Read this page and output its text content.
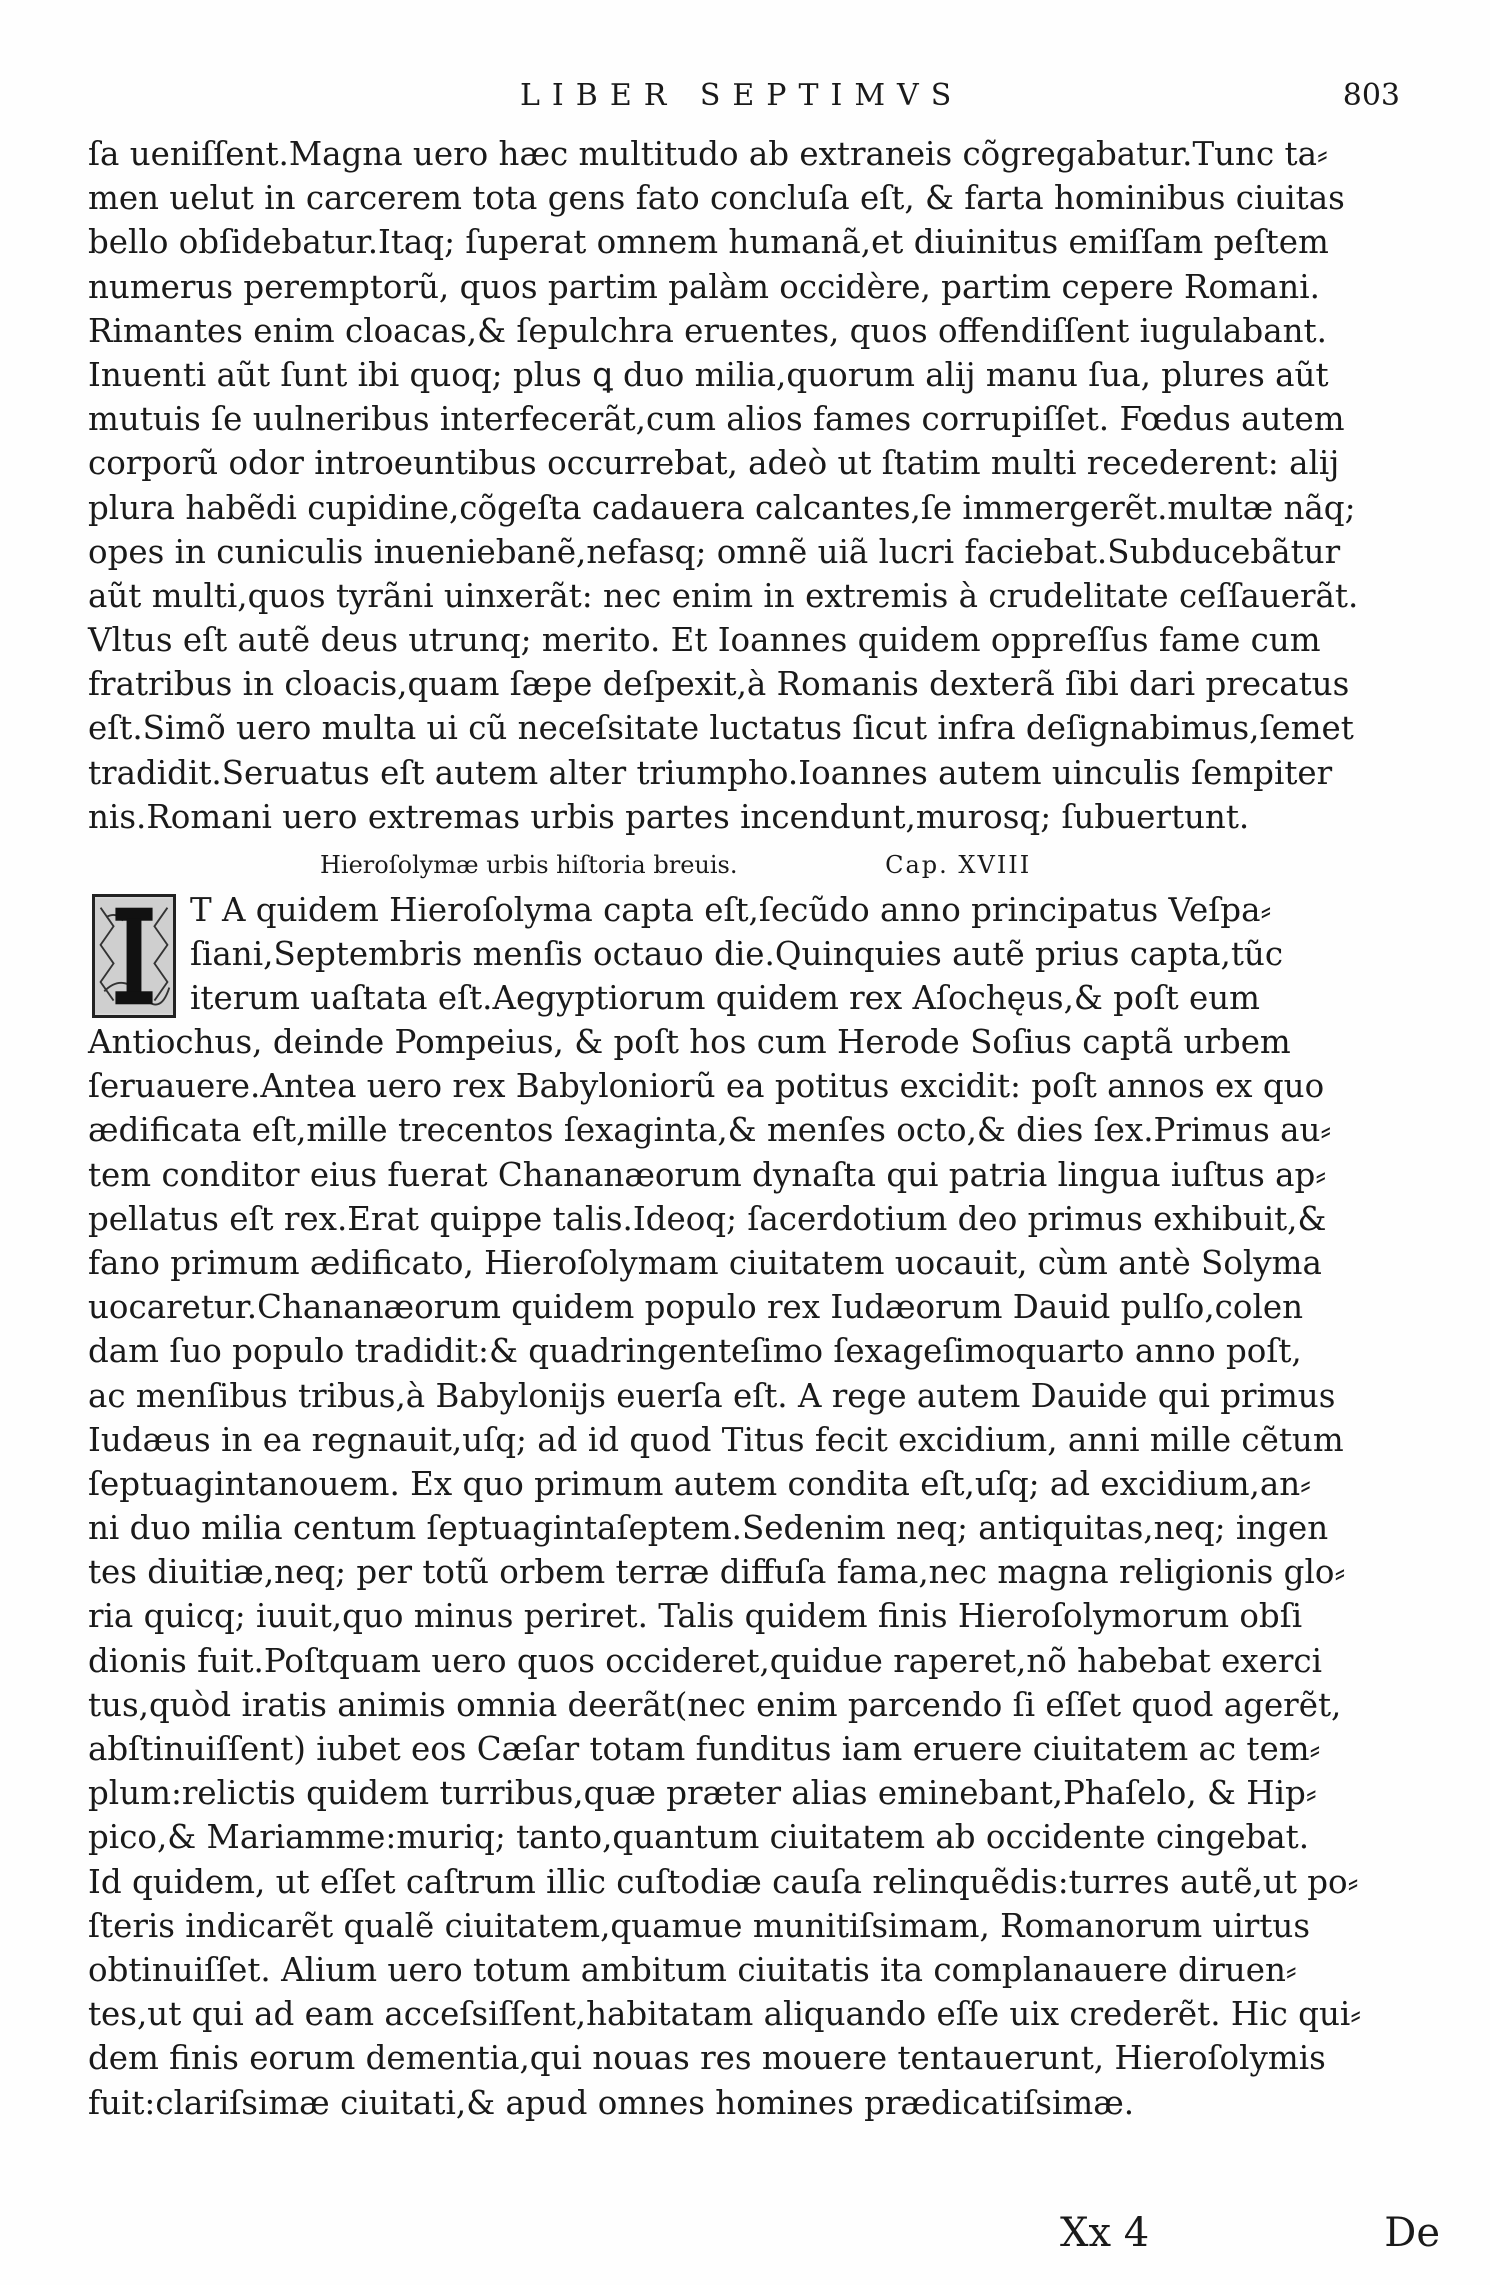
LIBER SEPTIMVS	803
ſa ueniſſent.Magna uero hæc multitudo ab extraneis cõgregabatur.Tunc ta⸗
men uelut in carcerem tota gens fato concluſa eſt, & farta hominibus ciuitas
bello obſidebatur.Itaq; ſuperat omnem humanã,et diuinitus emiſſam peſtem
numerus peremptorũ, quos partim palàm occidère, partim cepere Romani.
Rimantes enim cloacas,& ſepulchra eruentes, quos offendiſſent iugulabant.
Inuenti aũt ſunt ibi quoq; plus ꝗ duo milia,quorum alij manu ſua, plures aũt
mutuis ſe uulneribus interfecerãt,cum alios fames corrupiſſet. Fœdus autem
corporũ odor introeuntibus occurrebat, adeò ut ſtatim multi recederent: alij
plura habẽdi cupidine,cõgeſta cadauera calcantes,ſe immergerẽt.multæ nãq;
opes in cuniculis inueniebanẽ,nefasq; omnẽ uiã lucri faciebat.Subducebãtur
aũt multi,quos tyrãni uinxerãt: nec enim in extremis à crudelitate ceſſauerãt.
Vltus eſt autẽ deus utrunq; merito. Et Ioannes quidem oppreſſus fame cum
fratribus in cloacis,quam ſæpe deſpexit,à Romanis dexterã ſibi dari precatus
eſt.Simõ uero multa ui cũ neceſsitate luctatus ſicut infra deſignabimus,ſemet
tradidit.Seruatus eſt autem alter triumpho.Ioannes autem uinculis ſempiter
nis.Romani uero extremas urbis partes incendunt,murosq; ſubuertunt.
Hieroſolymæ urbis hiſtoria breuis.	Cap. XVIII
T A quidem Hieroſolyma capta eſt,ſecũdo anno principatus Veſpa⸗
ſiani,Septembris menſis octauo die.Quinquies autẽ prius capta,tũc
iterum uaſtata eſt.Aegyptiorum quidem rex Aſochęus,& poſt eum
Antiochus, deinde Pompeius, & poſt hos cum Herode Soſius captã urbem
ſeruauere.Antea uero rex Babyloniorũ ea potitus excidit: poſt annos ex quo
ædificata eſt,mille trecentos ſexaginta,& menſes octo,& dies ſex.Primus au⸗
tem conditor eius fuerat Chananæorum dynaſta qui patria lingua iuſtus ap⸗
pellatus eſt rex.Erat quippe talis.Ideoq; ſacerdotium deo primus exhibuit,&
fano primum ædificato, Hieroſolymam ciuitatem uocauit, cùm antè Solyma
uocaretur.Chananæorum quidem populo rex Iudæorum Dauid pulſo,colen
dam ſuo populo tradidit:& quadringenteſimo ſexageſimoquarto anno poſt,
ac menſibus tribus,à Babylonijs euerſa eſt. A rege autem Dauide qui primus
Iudæus in ea regnauit,uſq; ad id quod Titus fecit excidium, anni mille cẽtum
ſeptuagintanouem. Ex quo primum autem condita eſt,uſq; ad excidium,an⸗
ni duo milia centum ſeptuagintaſeptem.Sedenim neq; antiquitas,neq; ingen
tes diuitiæ,neq; per totũ orbem terræ diffuſa fama,nec magna religionis glo⸗
ria quicq; iuuit,quo minus periret. Talis quidem finis Hieroſolymorum obſi
dionis fuit.Poſtquam uero quos occideret,quidue raperet,nõ habebat exerci
tus,quòd iratis animis omnia deerãt(nec enim parcendo ſi eſſet quod agerẽt,
abſtinuiſſent) iubet eos Cæſar totam funditus iam eruere ciuitatem ac tem⸗
plum:relictis quidem turribus,quæ præter alias eminebant,Phaſelo, & Hip⸗
pico,& Mariamme:muriq; tanto,quantum ciuitatem ab occidente cingebat.
Id quidem, ut eſſet caſtrum illic cuſtodiæ cauſa relinquẽdis:turres autẽ,ut po⸗
ſteris indicarẽt qualẽ ciuitatem,quamue munitiſsimam, Romanorum uirtus
obtinuiſſet. Alium uero totum ambitum ciuitatis ita complanauere diruen⸗
tes,ut qui ad eam acceſsiſſent,habitatam aliquando eſſe uix crederẽt. Hic qui⸗
dem finis eorum dementia,qui nouas res mouere tentauerunt, Hieroſolymis
fuit:clariſsimæ ciuitati,& apud omnes homines prædicatiſsimæ.
Xx 4	De
